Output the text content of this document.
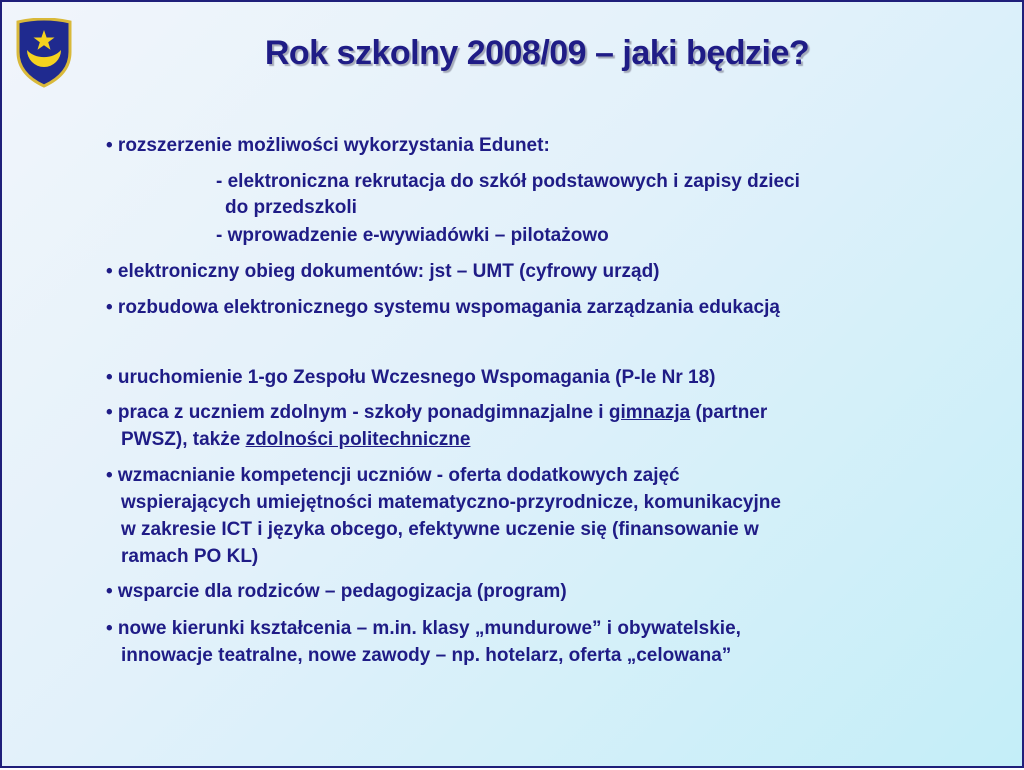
Rok szkolny 2008/09 – jaki będzie?
• rozszerzenie możliwości wykorzystania Edunet:
- elektroniczna rekrutacja do szkół podstawowych i zapisy dzieci
do przedszkoli
- wprowadzenie e-wywiadówki – pilotażowo
• elektroniczny obieg dokumentów: jst – UMT (cyfrowy urząd)
• rozbudowa elektronicznego systemu wspomagania zarządzania edukacją
• uruchomienie 1-go Zespołu Wczesnego Wspomagania (P-le Nr 18)
• praca z uczniem zdolnym - szkoły ponadgimnazjalne i gimnazja (partner
PWSZ), także zdolności politechniczne
• wzmacnianie kompetencji uczniów - oferta dodatkowych zajęć
wspierających umiejętności matematyczno-przyrodnicze, komunikacyjne
w zakresie ICT i języka obcego, efektywne uczenie się (finansowanie w
ramach PO KL)
• wsparcie dla rodziców – pedagogizacja (program)
• nowe kierunki kształcenia – m.in. klasy „mundurowe” i obywatelskie,
innowacje teatralne, nowe zawody – np. hotelarz, oferta „celowana”
